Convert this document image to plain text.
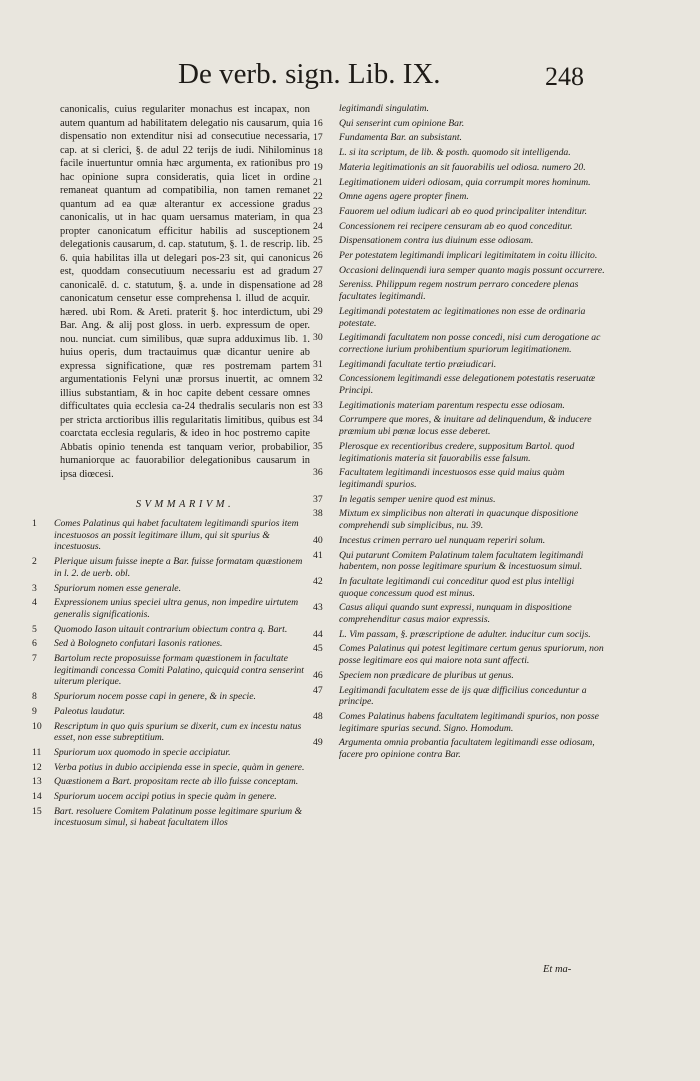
De verb. sign. Lib. IX.	248

canonicalis, cuius regulariter monachus est incapax, non autem quantum ad habilitatem delegatio nis causarum, quia dispensatio non extenditur nisi ad consecutiue necessaria, cap. at si clerici, §. de adul 22 terijs de iudi. Nihilominus facile inuertuntur omnia hæc argumenta, ex rationibus pro hac opinione supra consideratis, quia licet in ordine remaneat quantum ad compatibilia, non tamen remanet quantum ad ea quæ alterantur ex accessione gradus canonicalis, ut in hac quam uersamus materiam, in qua propter canonicatum efficitur habilis ad susceptionem delegationis causarum, d. cap. statutum, §. 1. de rescrip. lib. 6. quia habilitas illa ut delegari pos-23 sit, qui canonicus est, quoddam consecutiuum necessariu est ad gradum canonicalẽ. d. c. statutum, §. a. unde in dispensatione ad canonicatum censetur esse comprehensa l. illud de acquir. hæred. ubi Rom. & Areti. praterit §. hoc interdictum, ubi Bar. Ang. & alij post gloss. in uerb. expressum de oper. nou. nunciat. cum similibus, quæ supra adduximus lib. 1. huius operis, dum tractauimus quæ dicantur uenire ab expressa significatione, quæ res postremam partem argumentationis Felyni unæ prorsus inuertit, ac omnem illius substantiam, & in hoc capite debent cessare omnes difficultates quia ecclesia ca-24 thedralis secularis non est per stricta arctioribus illis regularitatis limitibus, quibus est coarctata ecclesia regularis, & ideo in hoc postremo capite Abbatis opinio tenenda est tanquam verior, probabilior, humaniorque ac fauorabilior delegationibus causarum in ipsa diœcesi.

SVMMARIVM.
1	Comes Palatinus qui habet facultatem legitimandi spurios item incestuosos an possit legitimare illum, qui sit spurius & incestuosus.
2	Plerique uisum fuisse inepte a Bar. fuisse formatam quæstionem in l. 2. de uerb. obl.
3	Spuriorum nomen esse generale.
4	Expressionem unius speciei ultra genus, non impedire uirtutem generalis significationis.
5	Quomodo Iason uitauit contrarium obiectum contra q. Bart.
6	Sed à Bologneto confutari Iasonis rationes.
7	Bartolum recte proposuisse formam quæstionem in facultate legitimandi concessa Comiti Palatino, quicquid contra senserint uiterum plerique.
8	Spuriorum nocem posse capi in genere, & in specie.
9	Paleotus laudatur.
10	Rescriptum in quo quis spurium se dixerit, cum ex incestu natus esset, non esse subreptitium.
11	Spuriorum uox quomodo in specie accipiatur.
12	Verba potius in dubio accipienda esse in specie, quàm in genere.
13	Quæstionem a Bart. propositam recte ab illo fuisse conceptam.
14	Spuriorum uocem accipi potius in specie quàm in genere.
15	Bart. resoluere Comitem Palatinum posse legitimare spurium & incestuosum simul, si habeat facultatem illos
legitimandi singulatim.
16	Qui senserint cum opinione Bar.
17	Fundamenta Bar. an subsistant.
18	L. si ita scriptum, de lib. & posth. quomodo sit intelligenda.
19	Materia legitimationis an sit fauorabilis uel odiosa. numero 20.
21	Legitimationem uideri odiosam, quia corrumpit mores hominum.
22	Omne agens agere propter finem.
23	Fauorem uel odium iudicari ab eo quod principaliter intenditur.
24	Concessionem rei recipere censuram ab eo quod conceditur.
25	Dispensationem contra ius diuinum esse odiosam.
26	Per potestatem legitimandi implicari legitimitatem in coitu illicito.
27	Occasioni delinquendi iura semper quanto magis possunt occurrere.
28	Sereniss. Philippum regem nostrum perraro concedere plenas facultates legitimandi.
29	Legitimandi potestatem ac legitimationes non esse de ordinaria potestate.
30	Legitimandi facultatem non posse concedi, nisi cum derogatione ac correctione iurium prohibentium spuriorum legitimationem.
31	Legitimandi facultate tertio præiudicari.
32	Concessionem legitimandi esse delegationem potestatis reseruatæ Principi.
33	Legitimationis materiam parentum respectu esse odiosam.
34	Corrumpere que mores, & inuitare ad delinquendum, & inducere præmium ubi pœnæ locus esse deberet.
35	Plerosque ex recentioribus credere, suppositum Bartol. quod legitimationis materia sit fauorabilis esse falsum.
36	Facultatem legitimandi incestuosos esse quid maius quàm legitimandi spurios.
37	In legatis semper uenire quod est minus.
38	Mixtum ex simplicibus non alterati in quacunque dispositione comprehendi sub simplicibus, nu. 39.
40	Incestus crimen perraro uel nunquam reperiri solum.
41	Qui putarunt Comitem Palatinum talem facultatem legitimandi habentem, non posse legitimare spurium & incestuosum simul.
42	In facultate legitimandi cui conceditur quod est plus intelligi quoque concessum quod est minus.
43	Casus aliqui quando sunt expressi, nunquam in dispositione comprehenditur casus maior expressis.
44	L. Vim passam, §. præscriptione de adulter. inducitur cum socijs.
45	Comes Palatinus qui potest legitimare certum genus spuriorum, non posse legitimare eos qui maiore nota sunt affecti.
46	Speciem non prædicare de pluribus ut genus.
47	Legitimandi facultatem esse de ijs quæ difficilius conceduntur a principe.
48	Comes Palatinus habens facultatem legitimandi spurios, non posse legitimare spurias secund. Signo. Homodum.
49	Argumenta omnia probantia facultatem legitimandi esse odiosam, facere pro opinione contra Bar.
Et ma-
